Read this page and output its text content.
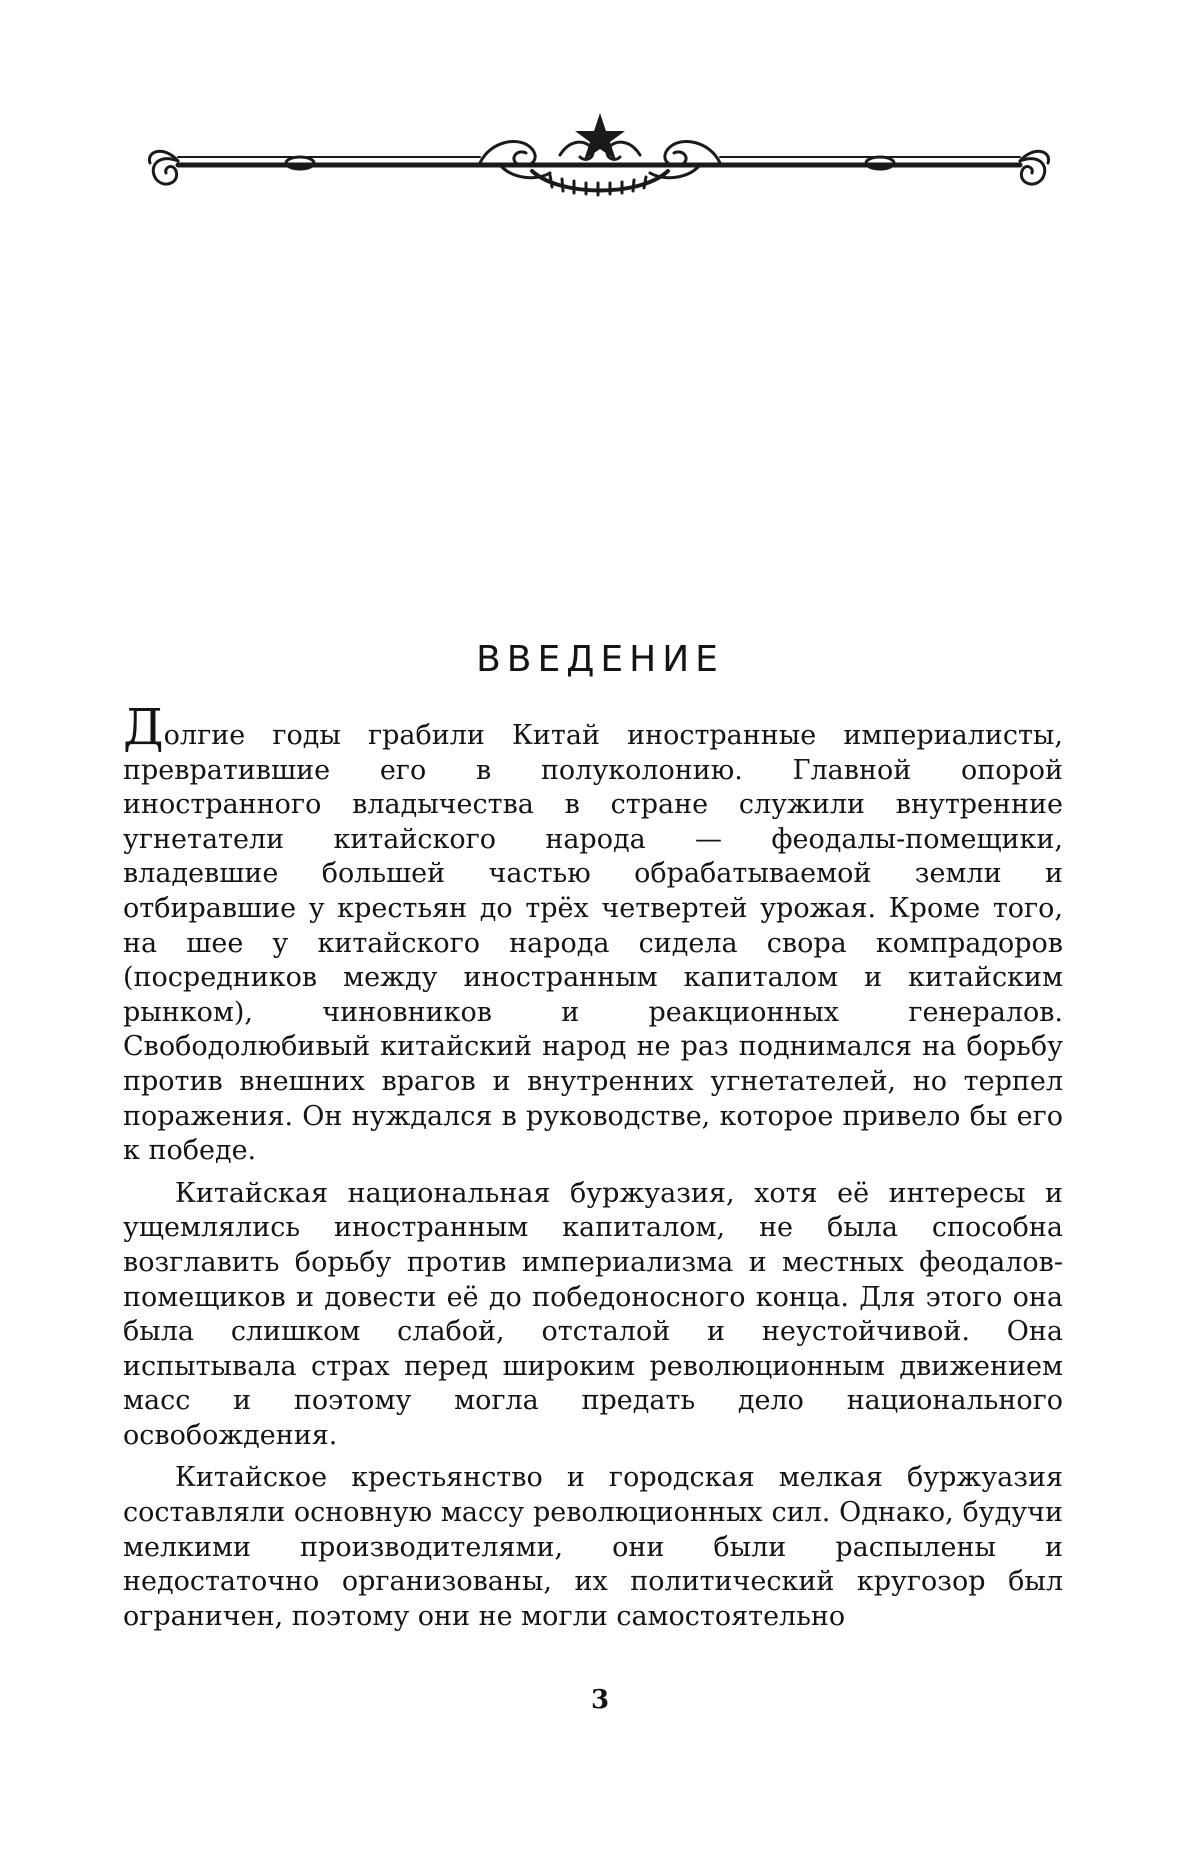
ВВЕДЕНИЕ

Долгие годы грабили Китай иностранные империалисты, превратившие его в полуколонию. Главной опорой иностранного владычества в стране служили внутренние угнетатели китайского народа — феодалы-помещики, владевшие большей частью обрабатываемой земли и отбиравшие у крестьян до трёх четвертей урожая. Кроме того, на шее у китайского народа сидела свора компрадоров (посредников между иностранным капиталом и китайским рынком), чиновников и реакционных генералов. Свободолюбивый китайский народ не раз поднимался на борьбу против внешних врагов и внутренних угнетателей, но терпел поражения. Он нуждался в руководстве, которое привело бы его к победе.

Китайская национальная буржуазия, хотя её интересы и ущемлялись иностранным капиталом, не была способна возглавить борьбу против империализма и местных феодалов-помещиков и довести её до победоносного конца. Для этого она была слишком слабой, отсталой и неустойчивой. Она испытывала страх перед широким революционным движением масс и поэтому могла предать дело национального освобождения.

Китайское крестьянство и городская мелкая буржуазия составляли основную массу революционных сил. Однако, будучи мелкими производителями, они были распылены и недостаточно организованы, их политический кругозор был ограничен, поэтому они не могли самостоятельно

3
